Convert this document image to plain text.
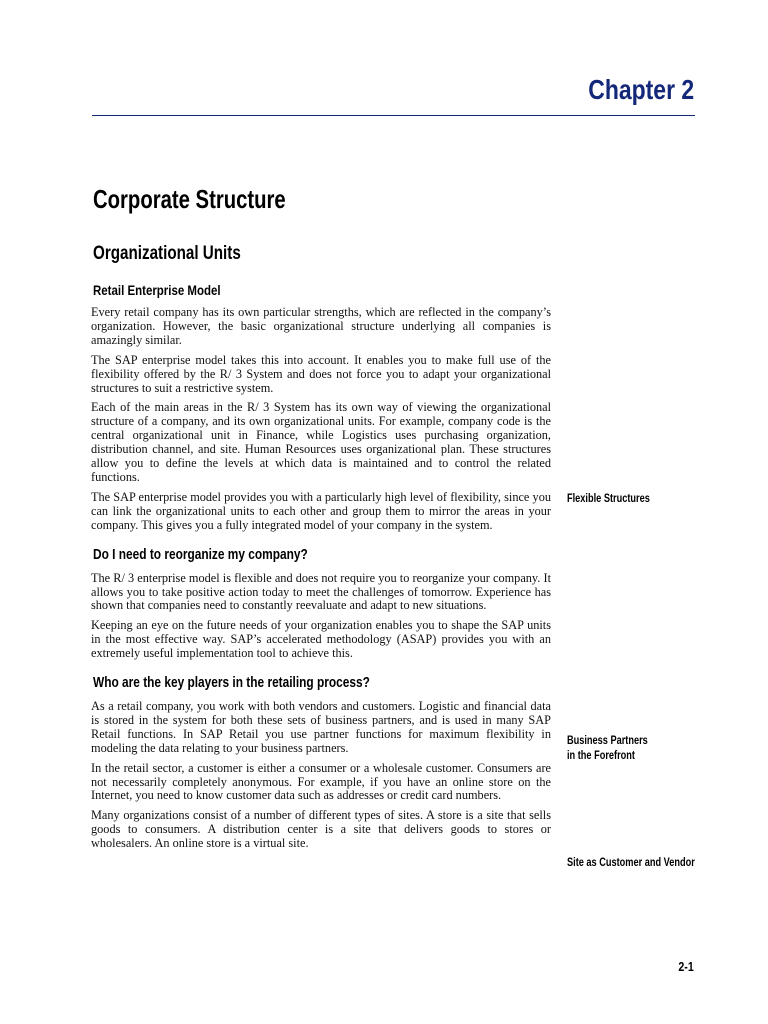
Chapter 2
Corporate Structure
Organizational Units
Retail Enterprise Model

Every retail company has its own particular strengths, which are reflected in the company’s organization. However, the basic organizational structure underlying all companies is amazingly similar.

The SAP enterprise model takes this into account. It enables you to make full use of the flexibility offered by the R/ 3 System and does not force you to adapt your organizational structures to suit a restrictive system.

Each of the main areas in the R/ 3 System has its own way of viewing the organizational structure of a company, and its own organizational units. For example, company code is the central organizational unit in Finance, while Logistics uses purchasing organization, distribution channel, and site. Human Resources uses organizational plan. These structures allow you to define the levels at which data is maintained and to control the related functions.

The SAP enterprise model provides you with a particularly high level of flexibility, since you can link the organizational units to each other and group them to mirror the areas in your company. This gives you a fully integrated model of your company in the system.

Do I need to reorganize my company?

The R/ 3 enterprise model is flexible and does not require you to reorganize your company. It allows you to take positive action today to meet the challenges of tomorrow. Experience has shown that companies need to constantly reevaluate and adapt to new situations.

Keeping an eye on the future needs of your organization enables you to shape the SAP units in the most effective way. SAP’s accelerated methodology (ASAP) provides you with an extremely useful implementation tool to achieve this.

Who are the key players in the retailing process?

As a retail company, you work with both vendors and customers. Logistic and financial data is stored in the system for both these sets of business partners, and is used in many SAP Retail functions. In SAP Retail you use partner functions for maximum flexibility in modeling the data relating to your business partners.

In the retail sector, a customer is either a consumer or a wholesale customer. Consumers are not necessarily completely anonymous. For example, if you have an online store on the Internet, you need to know customer data such as addresses or credit card numbers.

Many organizations consist of a number of different types of sites. A store is a site that sells goods to consumers. A distribution center is a site that delivers goods to stores or wholesalers. An online store is a virtual site.

Flexible Structures
Business Partners
in the Forefront
Site as Customer and Vendor
2-1
